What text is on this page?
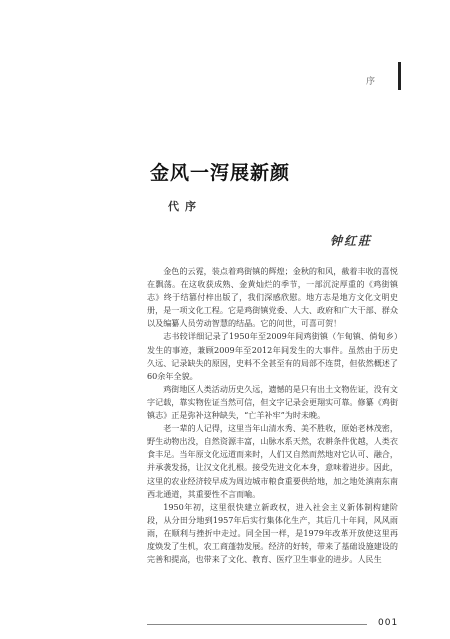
序
金风一泻展新颜
代序
钟红莊

金色的云霓，装点着鸡街镇的辉煌；金秋的和风，截着丰收的喜悦在飘荡。在这收获成熟、金黄灿烂的季节，一部沉淀厚重的《鸡街镇志》终于结篡付梓出版了，我们深感欣慰。地方志是地方文化文明史册，是一项文化工程。它是鸡街镇党委、人大、政府和广大干部、群众以及编纂人员劳动智慧的结晶。它的问世，可喜可贺！

志书较详细记录了1950年至2009年间鸡街镇（乍甸镇、倘甸乡）发生的事迹，兼顾2009年至2012年间发生的大事件。虽然由于历史久远、记录缺失的原因，史料不全甚至有的局部不连贯，但依然概述了60余年全貌。

鸡街地区人类活动历史久远，遗憾的是只有出土文物佐证，没有文字记载，靠实物佐证当然可信，但文字记录会更翔实可靠。修纂《鸡街镇志》正是弥补这种缺失，“亡羊补牢”为时未晚。

老一辈的人记得，这里当年山清水秀、美不胜收，原始老林茂密，野生动物出没，自然资源丰富，山脉水系天然，农耕条件优越，人类衣食丰足。当年原文化远道而来时，人们又自然而然地对它认可、融合，并承袭发扬，让汉文化扎根。接受先进文化本身，意味着进步。因此，这里的农业经济较早成为周边城市粮食重要供给地，加之地处滇南东南西北通道，其重要性不言而喻。

1950年初，这里很快建立新政权，进入社会主义新体制构建阶段，从分田分地到1957年后实行集体化生产，其后几十年间，风风雨雨，在顺利与挫折中走过。同全国一样，是1979年改革开放使这里再度焕发了生机，农工商蓬勃发展。经济的好转，带来了基础设施建设的完善和提高，也带来了文化、教育、医疗卫生事业的进步。人民生

001
